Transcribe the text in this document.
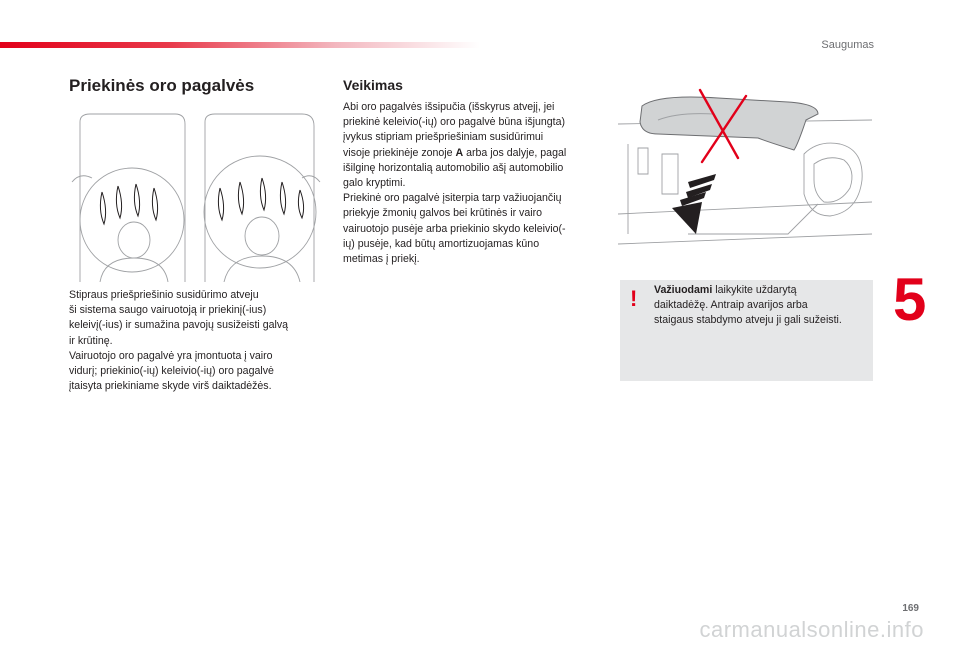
Saugumas
Priekinės oro pagalvės

Stipraus priešpriešinio susidūrimo atveju
ši sistema saugo vairuotoją ir priekinį(-ius)
keleivį(-ius) ir sumažina pavojų susižeisti galvą
ir krūtinę.
Vairuotojo oro pagalvė yra įmontuota į vairo
vidurį; priekinio(-ių) keleivio(-ių) oro pagalvė
įtaisyta priekiniame skyde virš daiktadėžės.

Veikimas

Abi oro pagalvės išsipučia (išskyrus atvejį, jei
priekinė keleivio(-ių) oro pagalvė būna išjungta)
įvykus stipriam priešpriešiniam susidūrimui
visoje priekinėje zonoje A arba jos dalyje, pagal
išilginę horizontalią automobilio ašį automobilio
galo kryptimi.
Priekinė oro pagalvė įsiterpia tarp važiuojančių
priekyje žmonių galvos bei krūtinės ir vairo
vairuotojo pusėje arba priekinio skydo keleivio(-
ių) pusėje, kad būtų amortizuojamas kūno
metimas į priekį.

! Važiuodami laikykite uždarytą
daiktadėžę. Antraip avarijos arba
staigaus stabdymo atveju ji gali sužeisti. 5
169
carmanualsonline.info
